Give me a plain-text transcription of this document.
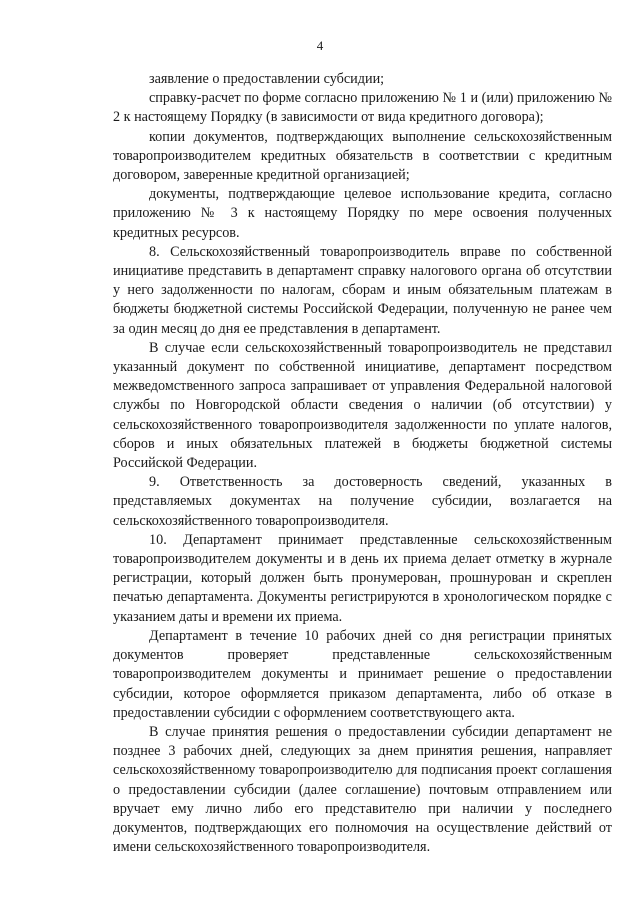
4

заявление о предоставлении субсидии;

справку-расчет по форме согласно приложению № 1 и (или) приложению № 2 к настоящему Порядку (в зависимости от вида кредитного договора);

копии документов, подтверждающих выполнение сельскохозяйственным товаропроизводителем кредитных обязательств в соответствии с кредитным договором, заверенные кредитной организацией;

документы, подтверждающие целевое использование кредита, согласно приложению № 3 к настоящему Порядку по мере освоения полученных кредитных ресурсов.

8. Сельскохозяйственный товаропроизводитель вправе по собственной инициативе представить в департамент справку налогового органа об отсутствии у него задолженности по налогам, сборам и иным обязательным платежам в бюджеты бюджетной системы Российской Федерации, полученную не ранее чем за один месяц до дня ее представления в департамент.

В случае если сельскохозяйственный товаропроизводитель не представил указанный документ по собственной инициативе, департамент посредством межведомственного запроса запрашивает от управления Федеральной налоговой службы по Новгородской области сведения о наличии (об отсутствии) у сельскохозяйственного товаропроизводителя задолженности по уплате налогов, сборов и иных обязательных платежей в бюджеты бюджетной системы Российской Федерации.

9. Ответственность за достоверность сведений, указанных в представляемых документах на получение субсидии, возлагается на сельскохозяйственного товаропроизводителя.

10. Департамент принимает представленные сельскохозяйственным товаропроизводителем документы и в день их приема делает отметку в журнале регистрации, который должен быть пронумерован, прошнурован и скреплен печатью департамента. Документы регистрируются в хронологическом порядке с указанием даты и времени их приема.

Департамент в течение 10 рабочих дней со дня регистрации принятых документов проверяет представленные сельскохозяйственным товаропроизводителем документы и принимает решение о предоставлении субсидии, которое оформляется приказом департамента, либо об отказе в предоставлении субсидии с оформлением соответствующего акта.

В случае принятия решения о предоставлении субсидии департамент не позднее 3 рабочих дней, следующих за днем принятия решения, направляет сельскохозяйственному товаропроизводителю для подписания проект соглашения о предоставлении субсидии (далее соглашение) почтовым отправлением или вручает ему лично либо его представителю при наличии у последнего документов, подтверждающих его полномочия на осуществление действий от имени сельскохозяйственного товаропроизводителя.
